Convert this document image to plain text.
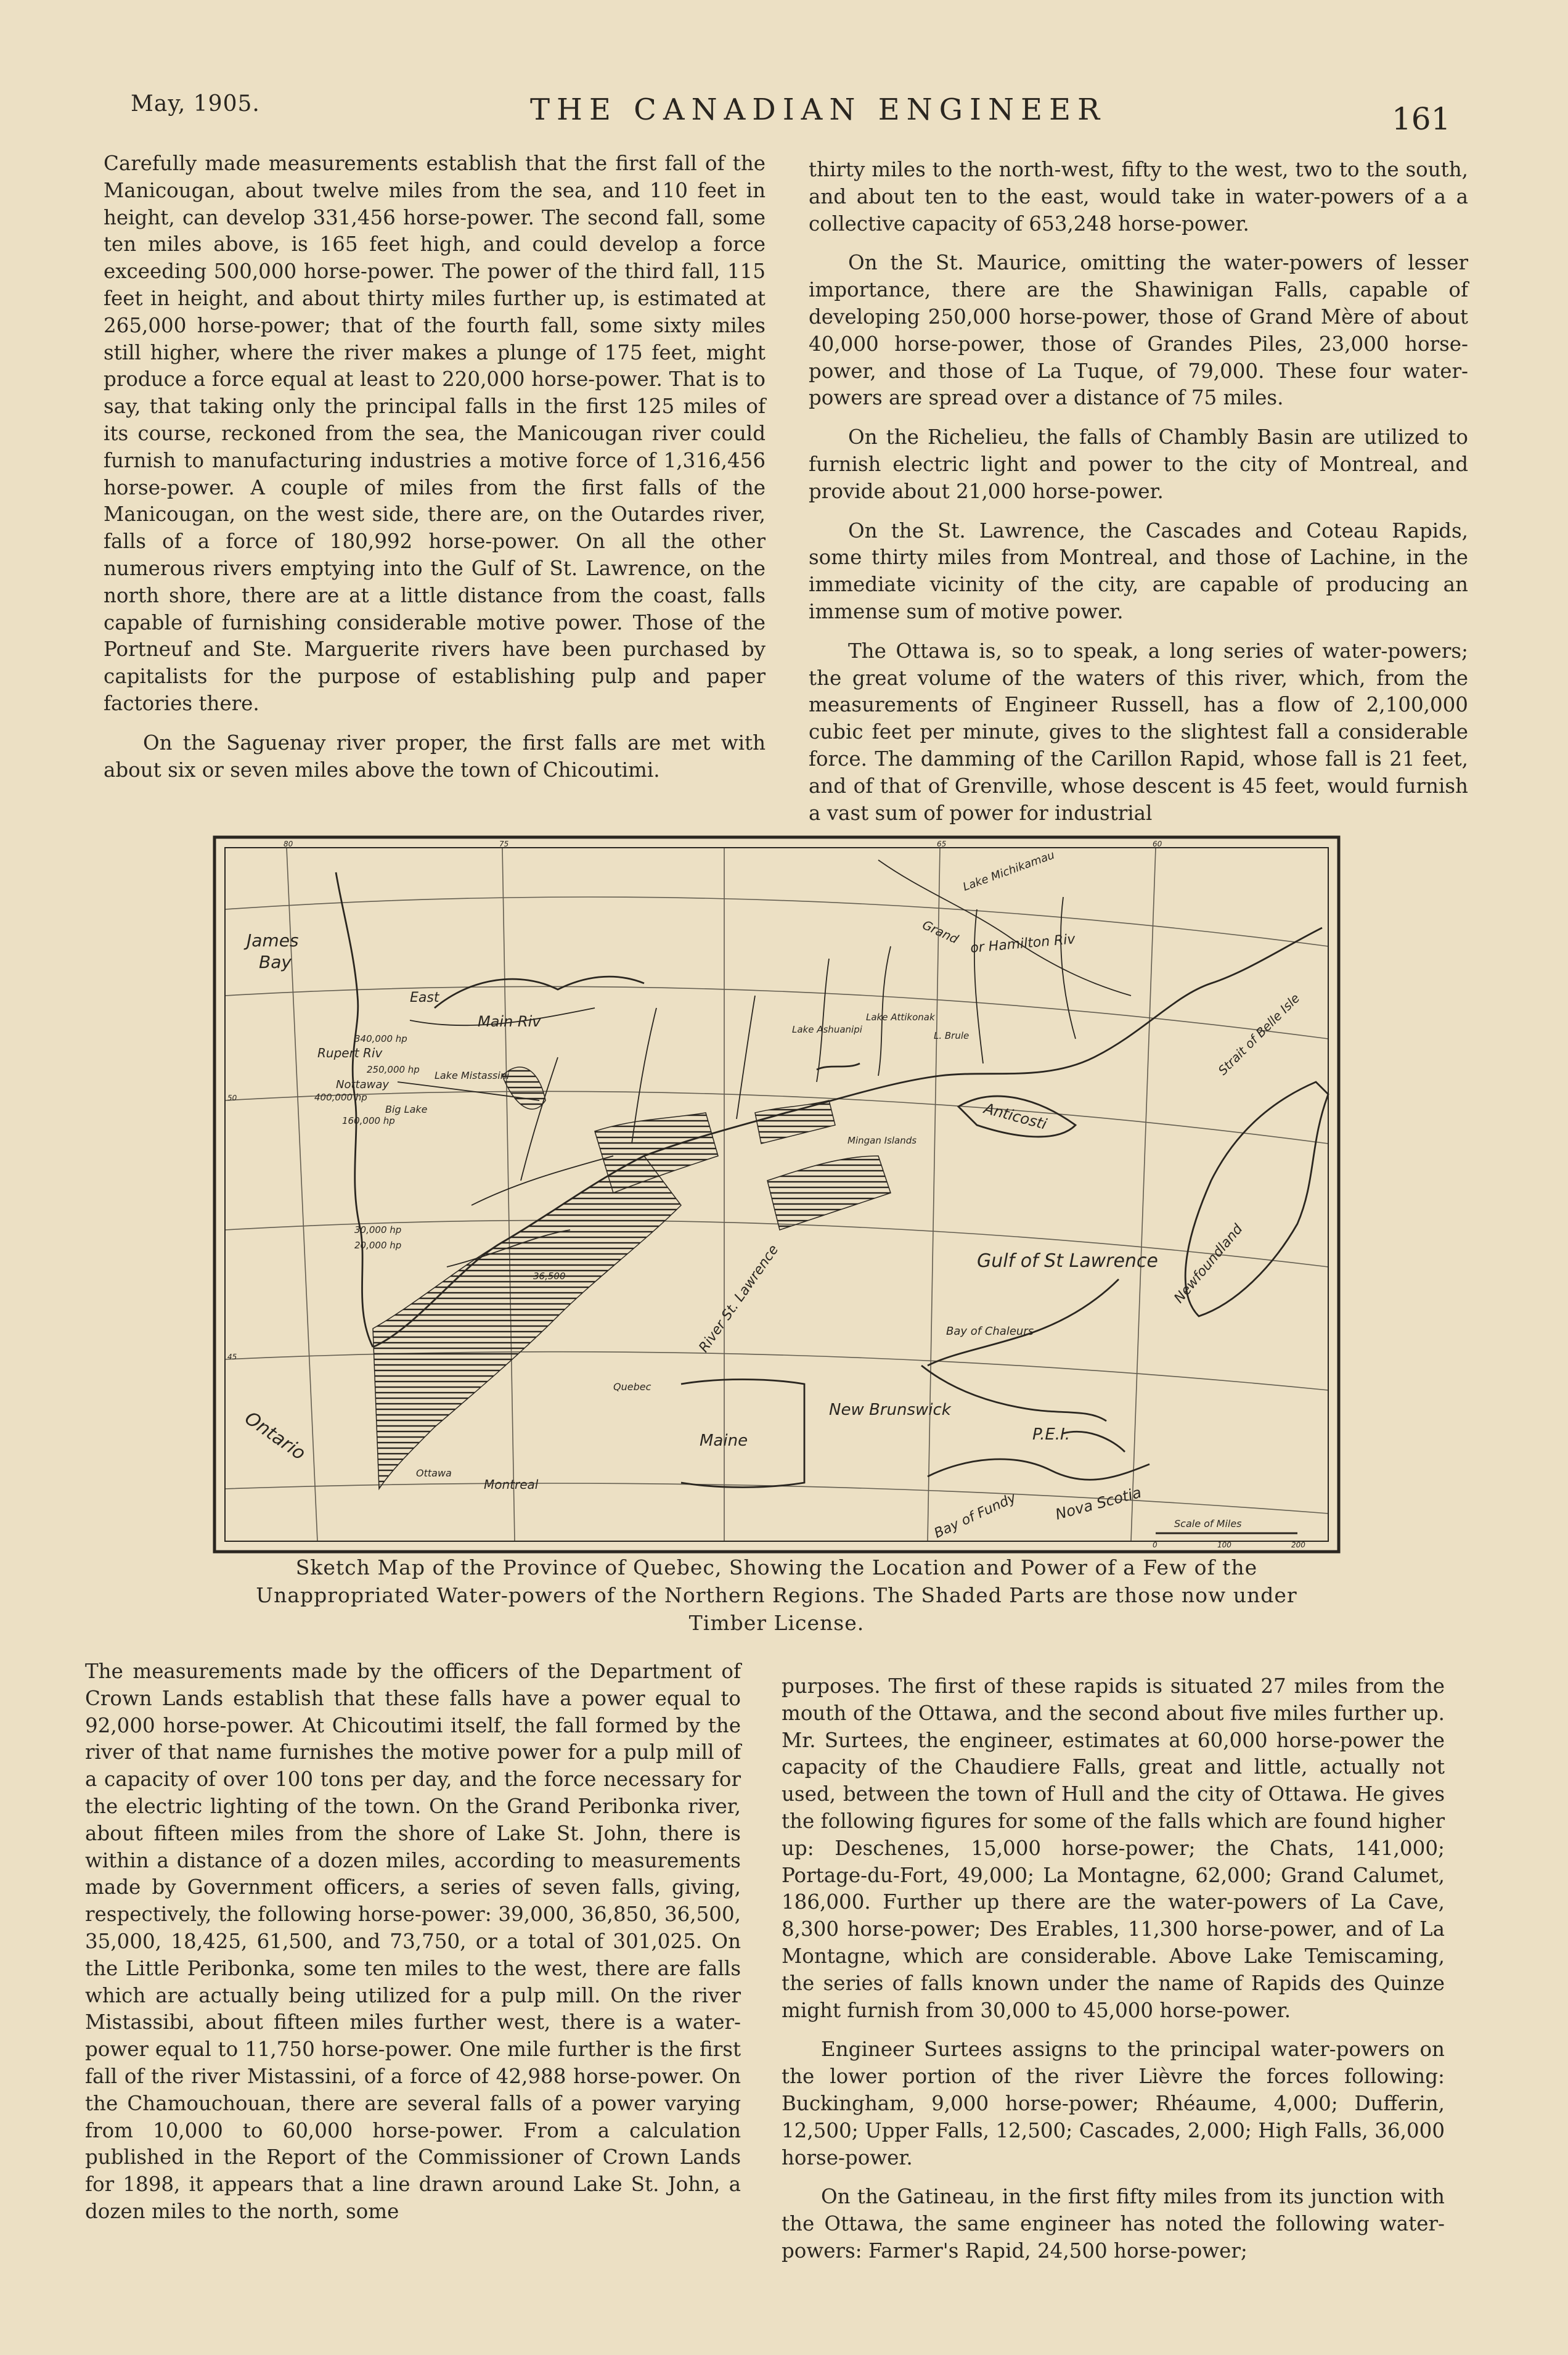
May, 1905.	THE CANADIAN ENGINEER	161

Carefully made measurements establish that the first fall of the Manicougan, about twelve miles from the sea, and 110 feet in height, can develop 331,456 horse-power. The second fall, some ten miles above, is 165 feet high, and could develop a force exceeding 500,000 horse-power. The power of the third fall, 115 feet in height, and about thirty miles further up, is estimated at 265,000 horse-power; that of the fourth fall, some sixty miles still higher, where the river makes a plunge of 175 feet, might produce a force equal at least to 220,000 horse-power. That is to say, that taking only the principal falls in the first 125 miles of its course, reckoned from the sea, the Manicougan river could furnish to manufacturing industries a motive force of 1,316,456 horse-power. A couple of miles from the first falls of the Manicougan, on the west side, there are, on the Outardes river, falls of a force of 180,992 horse-power. On all the other numerous rivers emptying into the Gulf of St. Lawrence, on the north shore, there are at a little distance from the coast, falls capable of furnishing considerable motive power. Those of the Portneuf and Ste. Marguerite rivers have been purchased by capitalists for the purpose of establishing pulp and paper factories there.

On the Saguenay river proper, the first falls are met with about six or seven miles above the town of Chicoutimi.

thirty miles to the north-west, fifty to the west, two to the south, and about ten to the east, would take in water-powers of a a collective capacity of 653,248 horse-power.

On the St. Maurice, omitting the water-powers of lesser importance, there are the Shawinigan Falls, capable of developing 250,000 horse-power, those of Grand Mère of about 40,000 horse-power, those of Grandes Piles, 23,000 horse-power, and those of La Tuque, of 79,000. These four water-powers are spread over a distance of 75 miles.

On the Richelieu, the falls of Chambly Basin are utilized to furnish electric light and power to the city of Montreal, and provide about 21,000 horse-power.

On the St. Lawrence, the Cascades and Coteau Rapids, some thirty miles from Montreal, and those of Lachine, in the immediate vicinity of the city, are capable of producing an immense sum of motive power.

The Ottawa is, so to speak, a long series of water-powers; the great volume of the waters of this river, which, from the measurements of Engineer Russell, has a flow of 2,100,000 cubic feet per minute, gives to the slightest fall a considerable force. The damming of the Carillon Rapid, whose fall is 21 feet, and of that of Grenville, whose descent is 45 feet, would furnish a vast sum of power for industrial

James
Bay
East
Main Riv
Rupert Riv
Nottaway
Big Lake
Lake Mistassini
340,000 hp
250,000 hp
400,000 hp
160,000 hp
30,000 hp
20,000 hp
36,500
Lake Michikamau
Grand or Hamilton Riv
Lake Ashuanipi
Lake Attikonak
L. Brule
Mingan Islands
Anticosti
Strait of Belle Isle
Gulf of St Lawrence Newfoundland
River St. Lawrence	Bay of Chaleurs
New Brunswick
P.E.I.
Maine
Nova Scotia
Bay of Fundy
Ontario
Montreal
Ottawa
Quebec
Scale of Miles
0	100	200
80	75	65	60
50
45
Sketch Map of the Province of Quebec, Showing the Location and Power of a Few of the Unappropriated Water-powers of the Northern Regions. The Shaded Parts are those now under Timber License.

The measurements made by the officers of the Department of Crown Lands establish that these falls have a power equal to 92,000 horse-power. At Chicoutimi itself, the fall formed by the river of that name furnishes the motive power for a pulp mill of a capacity of over 100 tons per day, and the force necessary for the electric lighting of the town. On the Grand Peribonka river, about fifteen miles from the shore of Lake St. John, there is within a distance of a dozen miles, according to measurements made by Government officers, a series of seven falls, giving, respectively, the following horse-power: 39,000, 36,850, 36,500, 35,000, 18,425, 61,500, and 73,750, or a total of 301,025. On the Little Peribonka, some ten miles to the west, there are falls which are actually being utilized for a pulp mill. On the river Mistassibi, about fifteen miles further west, there is a water-power equal to 11,750 horse-power. One mile further is the first fall of the river Mistassini, of a force of 42,988 horse-power. On the Chamouchouan, there are several falls of a power varying from 10,000 to 60,000 horse-power. From a calculation published in the Report of the Commissioner of Crown Lands for 1898, it appears that a line drawn around Lake St. John, a dozen miles to the north, some

purposes. The first of these rapids is situated 27 miles from the mouth of the Ottawa, and the second about five miles further up. Mr. Surtees, the engineer, estimates at 60,000 horse-power the capacity of the Chaudiere Falls, great and little, actually not used, between the town of Hull and the city of Ottawa. He gives the following figures for some of the falls which are found higher up: Deschenes, 15,000 horse-power; the Chats, 141,000; Portage-du-Fort, 49,000; La Montagne, 62,000; Grand Calumet, 186,000. Further up there are the water-powers of La Cave, 8,300 horse-power; Des Erables, 11,300 horse-power, and of La Montagne, which are considerable. Above Lake Temiscaming, the series of falls known under the name of Rapids des Quinze might furnish from 30,000 to 45,000 horse-power.

Engineer Surtees assigns to the principal water-powers on the lower portion of the river Lièvre the forces following: Buckingham, 9,000 horse-power; Rhéaume, 4,000; Dufferin, 12,500; Upper Falls, 12,500; Cascades, 2,000; High Falls, 36,000 horse-power.

On the Gatineau, in the first fifty miles from its junction with the Ottawa, the same engineer has noted the following water-powers: Farmer's Rapid, 24,500 horse-power;
